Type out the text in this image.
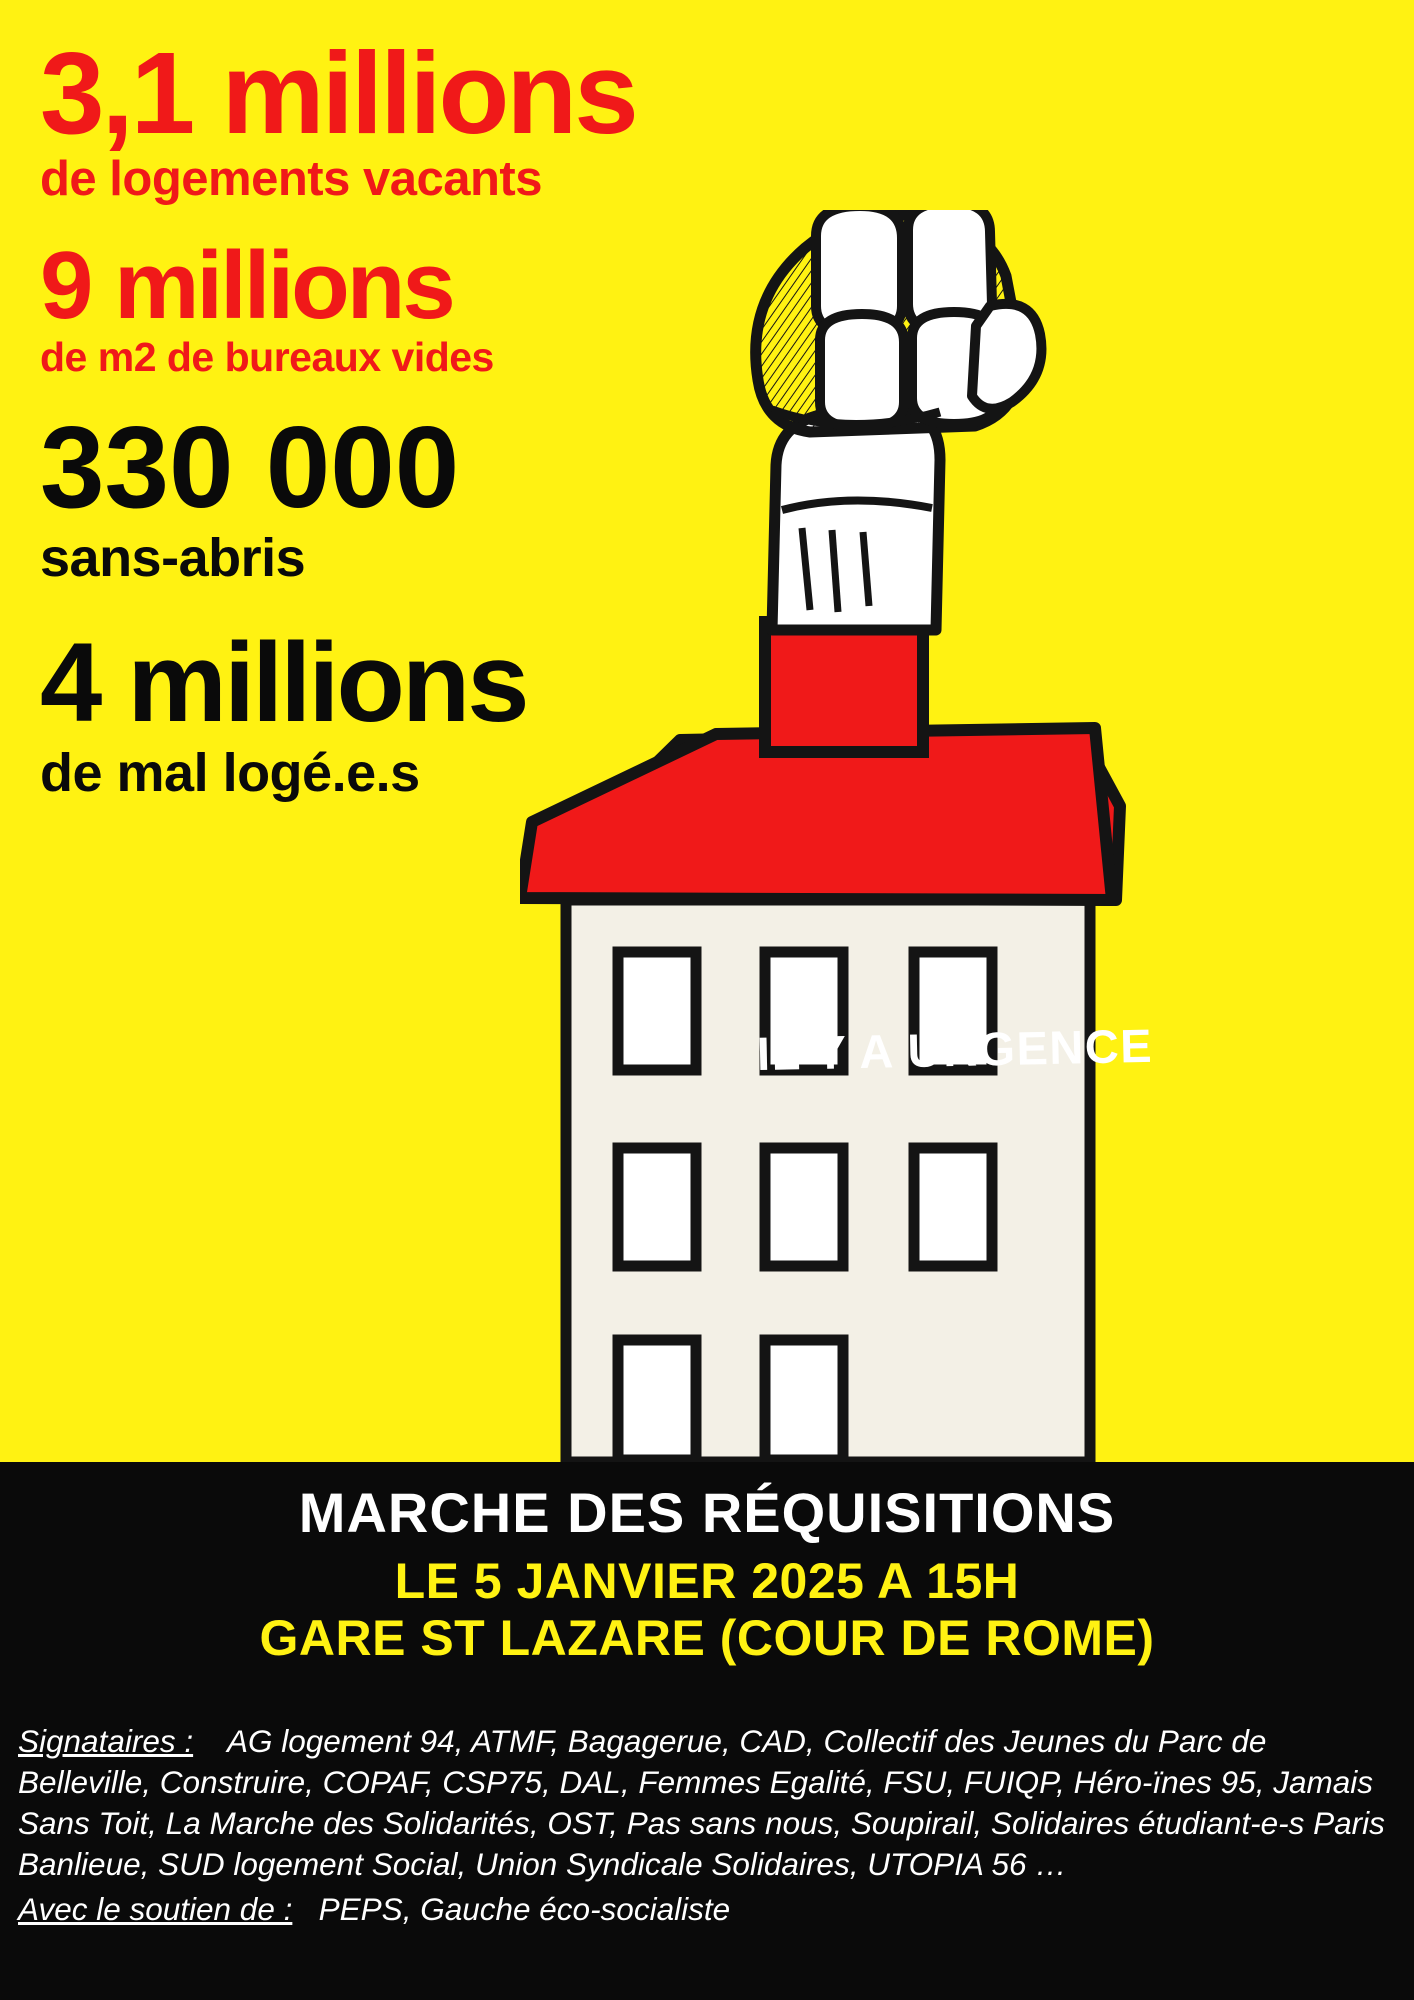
3,1 millions
de logements vacants
9 millions
de m2 de bureaux vides
330 000
sans-abris
4 millions
de mal logé.e.s
IL Y A URGENCE
MARCHE DES RÉQUISITIONS
LE 5 JANVIER 2025 A 15H
GARE ST LAZARE (COUR DE ROME)
Signataires : AG logement 94, ATMF, Bagagerue, CAD, Collectif des Jeunes du Parc de Belleville, Construire, COPAF, CSP75, DAL, Femmes Egalité, FSU, FUIQP, Héro-ïnes 95, Jamais Sans Toit, La Marche des Solidarités, OST, Pas sans nous, Soupirail, Solidaires étudiant-e-s Paris Banlieue, SUD logement Social, Union Syndicale Solidaires, UTOPIA 56 …
Avec le soutien de : PEPS, Gauche éco-socialiste
